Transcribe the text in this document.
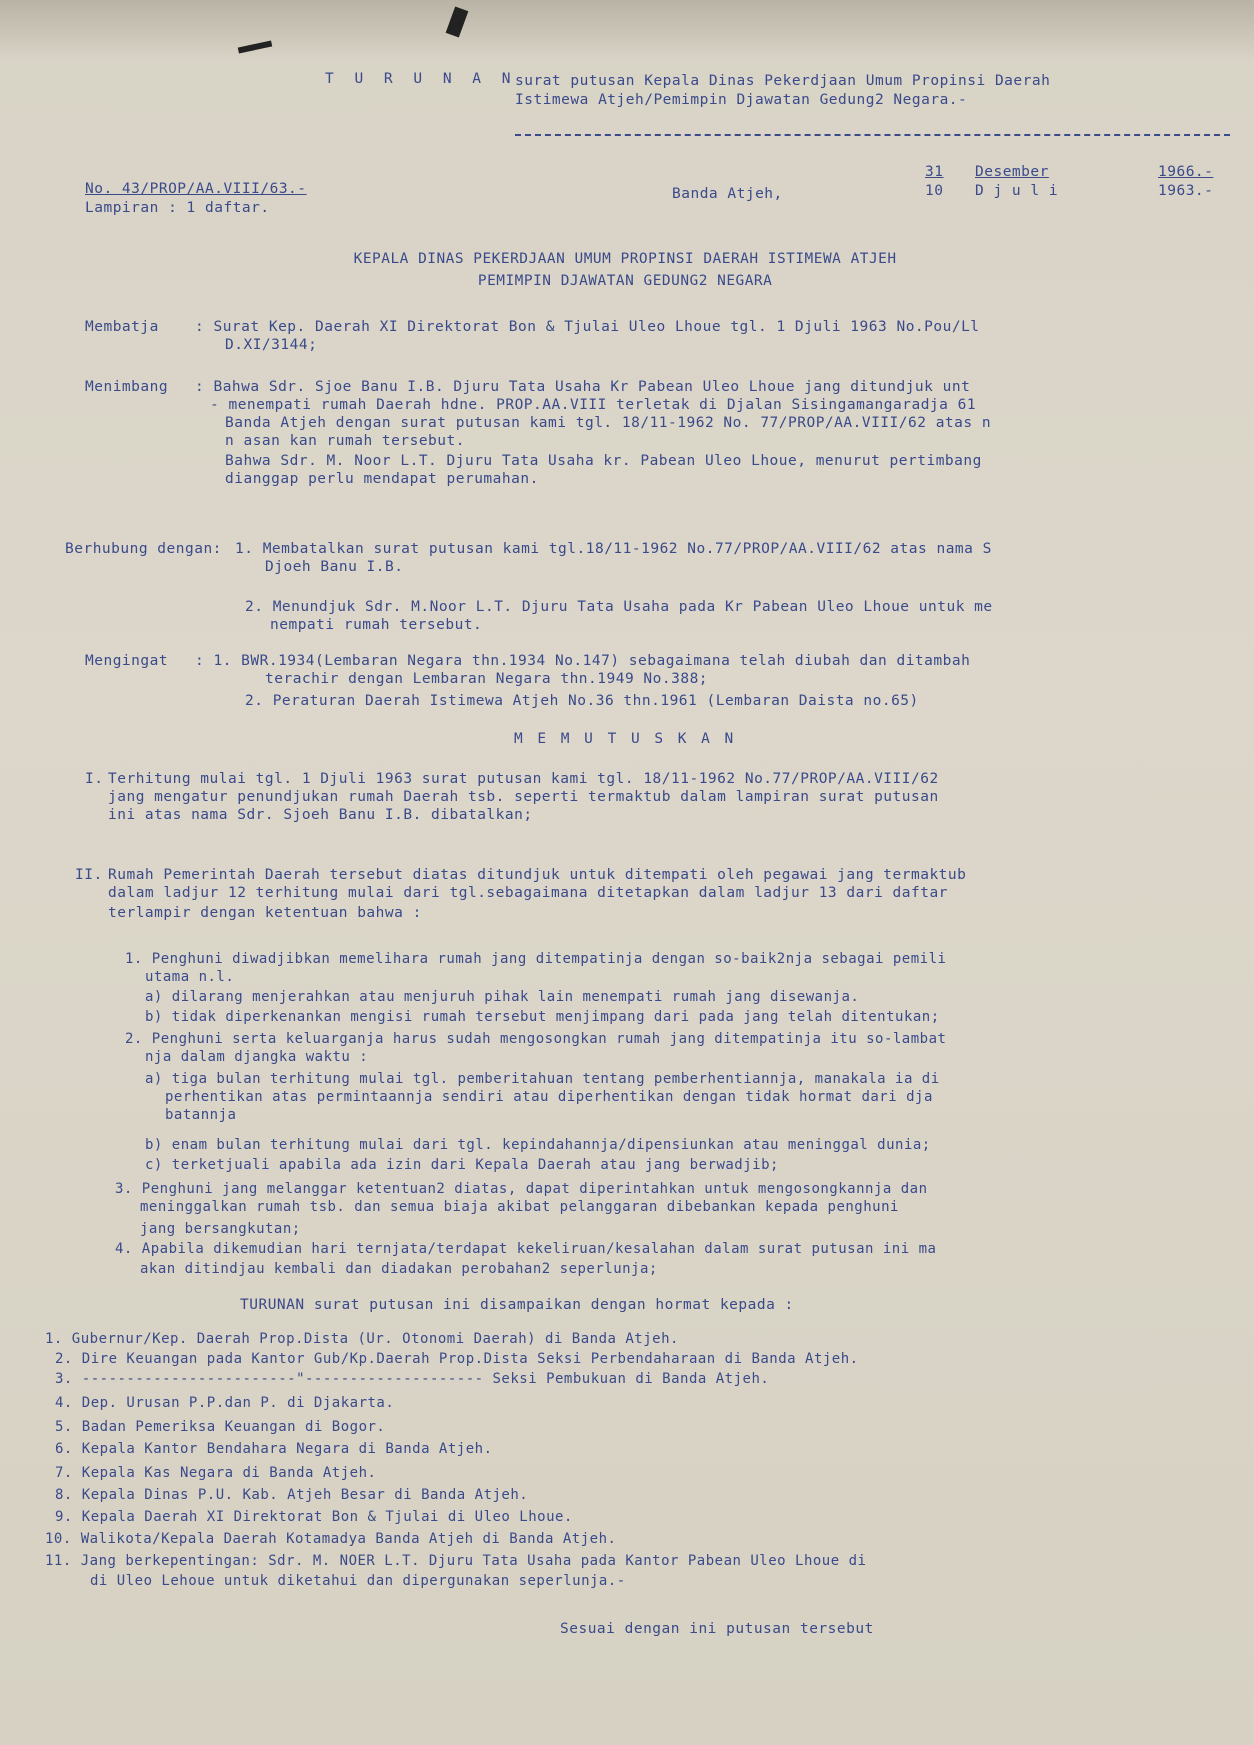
T U R U N A N
surat putusan Kepala Dinas Pekerdjaan Umum Propinsi Daerah
Istimewa Atjeh/Pemimpin Djawatan Gedung2 Negara.-
No. 43/PROP/AA.VIII/63.-
Lampiran : 1 daftar.
Banda Atjeh,
31 Desember	1966.-
10 D j u l i	1963.-
KEPALA DINAS PEKERDJAAN UMUM PROPINSI DAERAH ISTIMEWA ATJEH
PEMIMPIN DJAWATAN GEDUNG2 NEGARA
Membatja : Surat Kep. Daerah XI Direktorat Bon & Tjulai Uleo Lhoue tgl. 1 Djuli 1963 No.Pou/Ll
D.XI/3144;
Menimbang : Bahwa Sdr. Sjoe Banu I.B. Djuru Tata Usaha Kr Pabean Uleo Lhoue jang ditundjuk unt
- menempati rumah Daerah hdne. PROP.AA.VIII terletak di Djalan Sisingamangaradja 61
Banda Atjeh dengan surat putusan kami tgl. 18/11-1962 No. 77/PROP/AA.VIII/62 atas n
n asan kan rumah tersebut.
Bahwa Sdr. M. Noor L.T. Djuru Tata Usaha kr. Pabean Uleo Lhoue, menurut pertimbang
dianggap perlu mendapat perumahan.
Berhubung dengan: 1. Membatalkan surat putusan kami tgl.18/11-1962 No.77/PROP/AA.VIII/62 atas nama S
Djoeh Banu I.B.
2. Menundjuk Sdr. M.Noor L.T. Djuru Tata Usaha pada Kr Pabean Uleo Lhoue untuk me
nempati rumah tersebut.
Mengingat : 1. BWR.1934(Lembaran Negara thn.1934 No.147) sebagaimana telah diubah dan ditambah
terachir dengan Lembaran Negara thn.1949 No.388;
2. Peraturan Daerah Istimewa Atjeh No.36 thn.1961 (Lembaran Daista no.65)
M E M U T U S K A N
I. Terhitung mulai tgl. 1 Djuli 1963 surat putusan kami tgl. 18/11-1962 No.77/PROP/AA.VIII/62
jang mengatur penundjukan rumah Daerah tsb. seperti termaktub dalam lampiran surat putusan
ini atas nama Sdr. Sjoeh Banu I.B. dibatalkan;
II. Rumah Pemerintah Daerah tersebut diatas ditundjuk untuk ditempati oleh pegawai jang termaktub
dalam ladjur 12 terhitung mulai dari tgl.sebagaimana ditetapkan dalam ladjur 13 dari daftar
terlampir dengan ketentuan bahwa :
1. Penghuni diwadjibkan memelihara rumah jang ditempatinja dengan so-baik2nja sebagai pemili
utama n.l.
a) dilarang menjerahkan atau menjuruh pihak lain menempati rumah jang disewanja.
b) tidak diperkenankan mengisi rumah tersebut menjimpang dari pada jang telah ditentukan;
2. Penghuni serta keluarganja harus sudah mengosongkan rumah jang ditempatinja itu so-lambat
nja dalam djangka waktu :
a) tiga bulan terhitung mulai tgl. pemberitahuan tentang pemberhentiannja, manakala ia di
perhentikan atas permintaannja sendiri atau diperhentikan dengan tidak hormat dari dja
batannja
b) enam bulan terhitung mulai dari tgl. kepindahannja/dipensiunkan atau meninggal dunia;
c) terketjuali apabila ada izin dari Kepala Daerah atau jang berwadjib;
3. Penghuni jang melanggar ketentuan2 diatas, dapat diperintahkan untuk mengosongkannja dan
meninggalkan rumah tsb. dan semua biaja akibat pelanggaran dibebankan kepada penghuni
jang bersangkutan;
4. Apabila dikemudian hari ternjata/terdapat kekeliruan/kesalahan dalam surat putusan ini ma
akan ditindjau kembali dan diadakan perobahan2 seperlunja;
TURUNAN surat putusan ini disampaikan dengan hormat kepada :
1. Gubernur/Kep. Daerah Prop.Dista (Ur. Otonomi Daerah) di Banda Atjeh.
2. Dire Keuangan pada Kantor Gub/Kp.Daerah Prop.Dista Seksi Perbendaharaan di Banda Atjeh.
3. ------------------------"-------------------- Seksi Pembukuan di Banda Atjeh.
4. Dep. Urusan P.P.dan P. di Djakarta.
5. Badan Pemeriksa Keuangan di Bogor.
6. Kepala Kantor Bendahara Negara di Banda Atjeh.
7. Kepala Kas Negara di Banda Atjeh.
8. Kepala Dinas P.U. Kab. Atjeh Besar di Banda Atjeh.
9. Kepala Daerah XI Direktorat Bon & Tjulai di Uleo Lhoue.
10. Walikota/Kepala Daerah Kotamadya Banda Atjeh di Banda Atjeh.
11. Jang berkepentingan: Sdr. M. NOER L.T. Djuru Tata Usaha pada Kantor Pabean Uleo Lhoue di
di Uleo Lehoue untuk diketahui dan dipergunakan seperlunja.-
Sesuai dengan ini putusan tersebut
